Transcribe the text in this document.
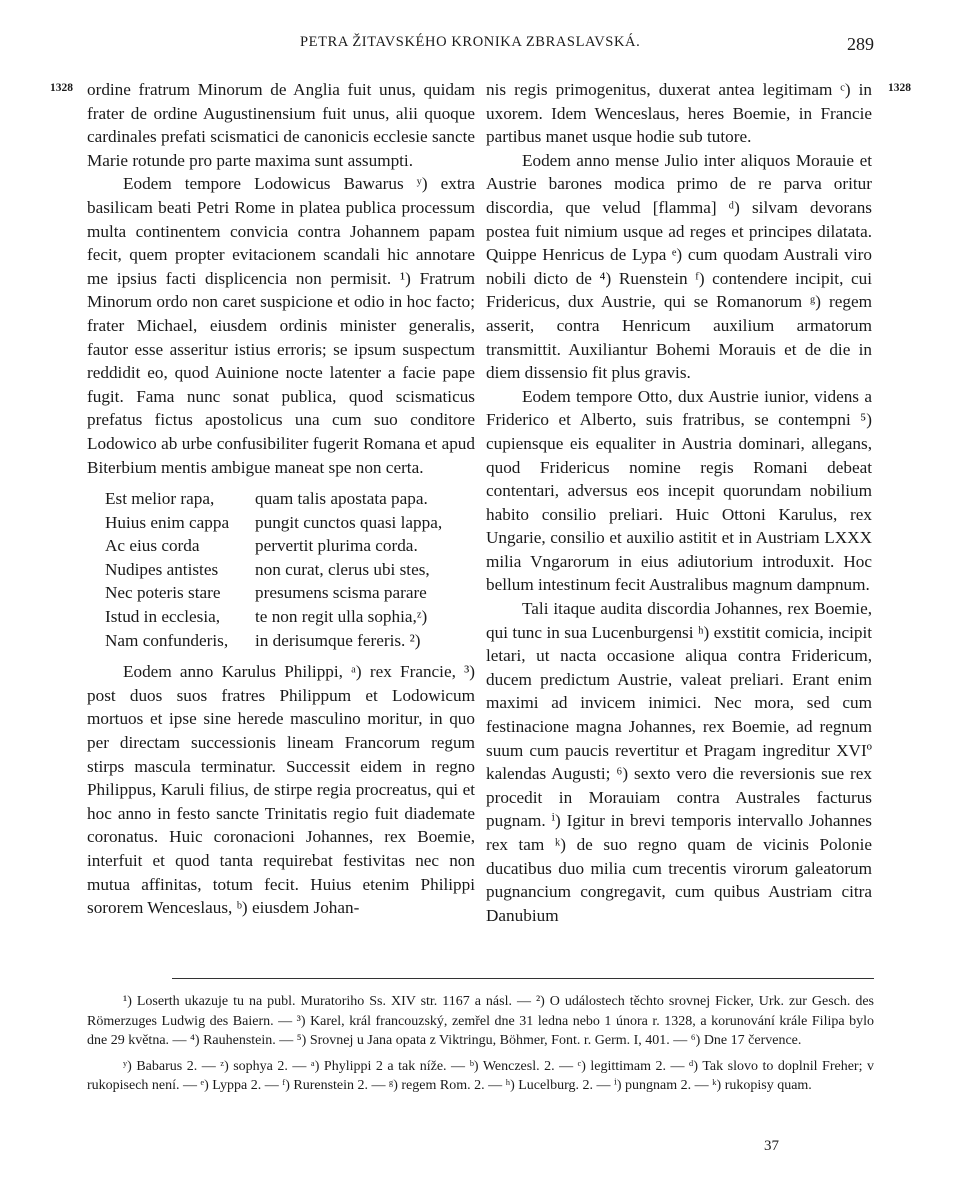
PETRA ŽITAVSKÉHO KRONIKA ZBRASLAVSKÁ.	289
1328	1328

ordine fratrum Minorum de Anglia fuit unus, quidam frater de ordine Augustinensium fuit unus, alii quoque cardinales prefati scismatici de canonicis ecclesie sancte Marie rotunde pro parte maxima sunt assumpti.

Eodem tempore Lodowicus Bawarus ʸ) extra basilicam beati Petri Rome in platea publica processum multa continentem convicia contra Johannem papam fecit, quem propter evitacionem scandali hic annotare me ipsius facti displicencia non permisit. ¹) Fratrum Minorum ordo non caret suspicione et odio in hoc facto; frater Michael, eiusdem ordinis minister generalis, fautor esse asseritur istius erroris; se ipsum suspectum reddidit eo, quod Auinione nocte latenter a facie pape fugit. Fama nunc sonat publica, quod scismaticus prefatus fictus apostolicus una cum suo conditore Lodowico ab urbe confusibiliter fugerit Romana et apud Biterbium mentis ambigue maneat spe non certa.

Est melior rapa,	quam talis apostata papa.
Huius enim cappa	pungit cunctos quasi lappa,
Ac eius corda	pervertit plurima corda.
Nudipes antistes	non curat, clerus ubi stes,
Nec poteris stare	presumens scisma parare
Istud in ecclesia,	te non regit ulla sophia,ᶻ)
Nam confunderis,	in derisumque fereris. ²)

Eodem anno Karulus Philippi, ᵃ) rex Francie, ³) post duos suos fratres Philippum et Lodowicum mortuos et ipse sine herede masculino moritur, in quo per directam successionis lineam Francorum regum stirps mascula terminatur. Successit eidem in regno Philippus, Karuli filius, de stirpe regia procreatus, qui et hoc anno in festo sancte Trinitatis regio fuit diademate coronatus. Huic coronacioni Johannes, rex Boemie, interfuit et quod tanta requirebat festivitas nec non mutua affinitas, totum fecit. Huius etenim Philippi sororem Wenceslaus, ᵇ) eiusdem Johan-

nis regis primogenitus, duxerat antea legitimam ᶜ) in uxorem. Idem Wenceslaus, heres Boemie, in Francie partibus manet usque hodie sub tutore.

Eodem anno mense Julio inter aliquos Morauie et Austrie barones modica primo de re parva oritur discordia, que velud [flamma] ᵈ) silvam devorans postea fuit nimium usque ad reges et principes dilatata. Quippe Henricus de Lypa ᵉ) cum quodam Australi viro nobili dicto de ⁴) Ruenstein ᶠ) contendere incipit, cui Fridericus, dux Austrie, qui se Romanorum ᵍ) regem asserit, contra Henricum auxilium armatorum transmittit. Auxiliantur Bohemi Morauis et de die in diem dissensio fit plus gravis.

Eodem tempore Otto, dux Austrie iunior, videns a Friderico et Alberto, suis fratribus, se contempni ⁵) cupiensque eis equaliter in Austria dominari, allegans, quod Fridericus nomine regis Romani debeat contentari, adversus eos incepit quorundam nobilium habito consilio preliari. Huic Ottoni Karulus, rex Ungarie, consilio et auxilio astitit et in Austriam LXXX milia Vngarorum in eius adiutorium introduxit. Hoc bellum intestinum fecit Australibus magnum dampnum.

Tali itaque audita discordia Johannes, rex Boemie, qui tunc in sua Lucenburgensi ʰ) exstitit comicia, incipit letari, ut nacta occasione aliqua contra Fridericum, ducem predictum Austrie, valeat preliari. Erant enim maximi ad invicem inimici. Nec mora, sed cum festinacione magna Johannes, rex Boemie, ad regnum suum cum paucis revertitur et Pragam ingreditur XVIº kalendas Augusti; ⁶) sexto vero die reversionis sue rex procedit in Morauiam contra Australes facturus pugnam. ⁱ) Igitur in brevi temporis intervallo Johannes rex tam ᵏ) de suo regno quam de vicinis Polonie ducatibus duo milia cum trecentis virorum galeatorum pugnancium congregavit, cum quibus Austriam citra Danubium

¹) Loserth ukazuje tu na publ. Muratoriho Ss. XIV str. 1167 a násl. — ²) O událostech těchto srovnej Ficker, Urk. zur Gesch. des Römerzuges Ludwig des Baiern. — ³) Karel, král francouzský, zemřel dne 31 ledna nebo 1 února r. 1328, a korunování krále Filipa bylo dne 29 května. — ⁴) Rauhenstein. — ⁵) Srovnej u Jana opata z Viktringu, Böhmer, Font. r. Germ. I, 401. — ⁶) Dne 17 července.

ʸ) Babarus 2. — ᶻ) sophya 2. — ᵃ) Phylippi 2 a tak níže. — ᵇ) Wenczesl. 2. — ᶜ) legittimam 2. — ᵈ) Tak slovo to doplnil Freher; v rukopisech není. — ᵉ) Lyppa 2. — ᶠ) Rurenstein 2. — ᵍ) regem Rom. 2. — ʰ) Lucelburg. 2. — ⁱ) pungnam 2. — ᵏ) rukopisy quam.

37
